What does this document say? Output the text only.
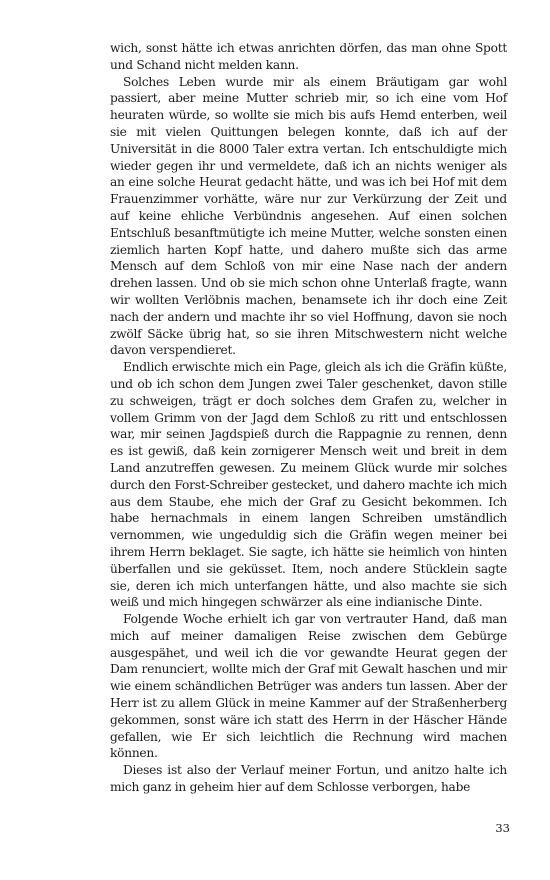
wich, sonst hätte ich etwas anrichten dörfen, das man ohne Spott und Schand nicht melden kann.

Solches Leben wurde mir als einem Bräutigam gar wohl passiert, aber meine Mutter schrieb mir, so ich eine vom Hof heuraten würde, so wollte sie mich bis aufs Hemd enterben, weil sie mit vielen Quittungen belegen konnte, daß ich auf der Universität in die 8000 Taler extra vertan. Ich entschuldigte mich wieder gegen ihr und vermeldete, daß ich an nichts weniger als an eine solche Heurat gedacht hätte, und was ich bei Hof mit dem Frauenzimmer vorhätte, wäre nur zur Verkürzung der Zeit und auf keine ehliche Verbündnis angesehen. Auf einen solchen Entschluß besanftmütigte ich meine Mutter, welche sonsten einen ziemlich harten Kopf hatte, und dahero mußte sich das arme Mensch auf dem Schloß von mir eine Nase nach der andern drehen lassen. Und ob sie mich schon ohne Unterlaß fragte, wann wir wollten Verlöbnis machen, benamsete ich ihr doch eine Zeit nach der andern und machte ihr so viel Hoffnung, davon sie noch zwölf Säcke übrig hat, so sie ihren Mitschwestern nicht welche davon verspendieret.

Endlich erwischte mich ein Page, gleich als ich die Gräfin küßte, und ob ich schon dem Jungen zwei Taler geschenket, davon stille zu schweigen, trägt er doch solches dem Grafen zu, welcher in vollem Grimm von der Jagd dem Schloß zu ritt und entschlossen war, mir seinen Jagdspieß durch die Rappagnie zu rennen, denn es ist gewiß, daß kein zornigerer Mensch weit und breit in dem Land anzutreffen gewesen. Zu meinem Glück wurde mir solches durch den Forst-Schreiber gestecket, und dahero machte ich mich aus dem Staube, ehe mich der Graf zu Gesicht bekommen. Ich habe hernachmals in einem langen Schreiben umständlich vernommen, wie ungeduldig sich die Gräfin wegen meiner bei ihrem Herrn beklaget. Sie sagte, ich hätte sie heimlich von hinten überfallen und sie geküsset. Item, noch andere Stücklein sagte sie, deren ich mich unterfangen hätte, und also machte sie sich weiß und mich hingegen schwärzer als eine indianische Dinte.

Folgende Woche erhielt ich gar von vertrauter Hand, daß man mich auf meiner damaligen Reise zwischen dem Gebürge ausgespähet, und weil ich die vor gewandte Heurat gegen der Dam renunciert, wollte mich der Graf mit Gewalt haschen und mir wie einem schändlichen Betrüger was anders tun lassen. Aber der Herr ist zu allem Glück in meine Kammer auf der Straßenherberg gekommen, sonst wäre ich statt des Herrn in der Häscher Hände gefallen, wie Er sich leichtlich die Rechnung wird machen können.

Dieses ist also der Verlauf meiner Fortun, und anitzo halte ich mich ganz in geheim hier auf dem Schlosse verborgen, habe

33
